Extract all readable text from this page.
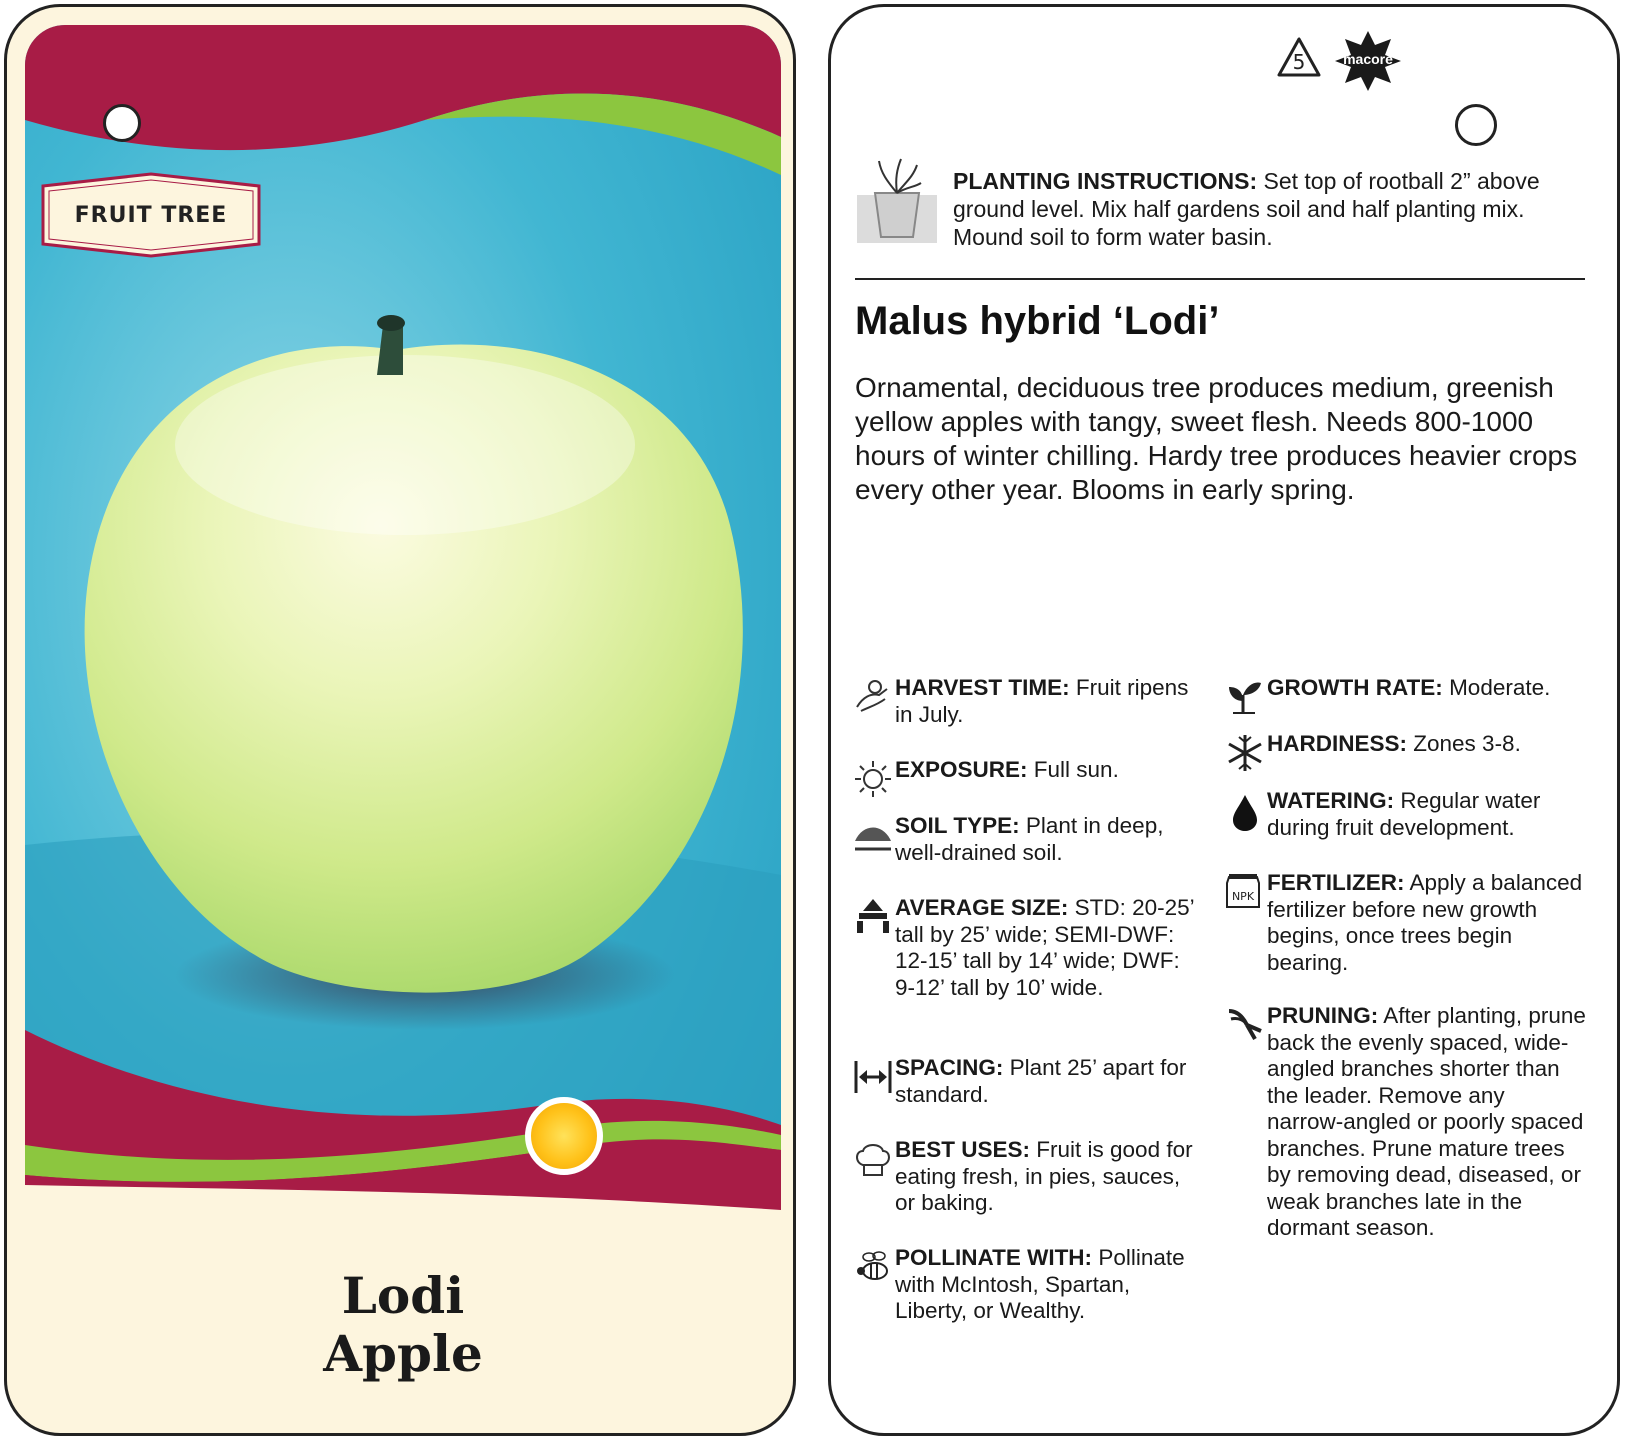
FRUIT TREE
Lodi
Apple
5	macore
PLANTING INSTRUCTIONS: Set top of rootball 2” above ground level. Mix half gardens soil and half planting mix. Mound soil to form water basin.
Malus hybrid ‘Lodi’
Ornamental, deciduous tree produces medium, greenish yellow apples with tangy, sweet flesh. Needs 800-1000 hours of winter chilling. Hardy tree produces heavier crops every other year. Blooms in early spring.
HARVEST TIME: Fruit ripens in July.
EXPOSURE: Full sun.
SOIL TYPE: Plant in deep, well-drained soil.
AVERAGE SIZE: STD: 20-25’ tall by 25’ wide; SEMI-DWF: 12-15’ tall by 14’ wide; DWF: 9-12’ tall by 10’ wide.
SPACING: Plant 25’ apart for standard.
BEST USES: Fruit is good for eating fresh, in pies, sauces, or baking.
POLLINATE WITH: Pollinate with McIntosh, Spartan, Liberty, or Wealthy.
GROWTH RATE: Moderate.
HARDINESS: Zones 3-8.
WATERING: Regular water during fruit development.
NPK
FERTILIZER: Apply a balanced fertilizer before new growth begins, once trees begin bearing.
PRUNING: After planting, prune back the evenly spaced, wide-angled branches shorter than the leader. Remove any narrow-angled or poorly spaced branches. Prune mature trees by removing dead, diseased, or weak branches late in the dormant season.
